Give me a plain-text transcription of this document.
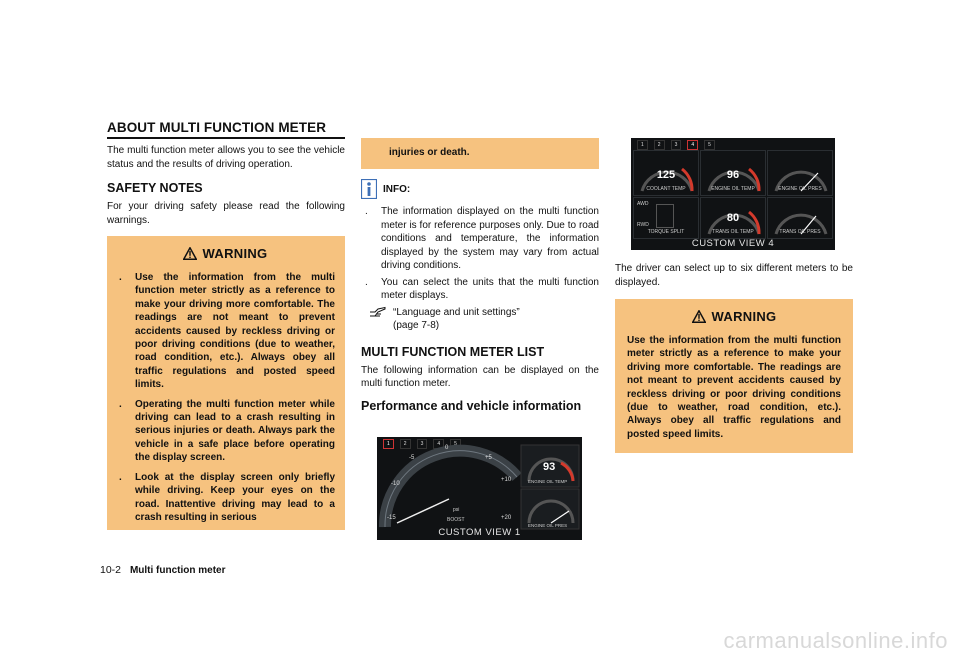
ABOUT MULTI FUNCTION METER

The multi function meter allows you to see the vehicle status and the results of driving operation.

SAFETY NOTES

For your driving safety please read the following warnings.

WARNING
. Use the information from the multi function meter strictly as a reference to make your driving more comfortable. The readings are not meant to prevent accidents caused by reckless driving or poor driving conditions (due to weather, road condition, etc.). Always obey all traffic regulations and posted speed limits.
. Operating the multi function meter while driving can lead to a crash resulting in serious injuries or death. Always park the vehicle in a safe place before operating the display screen.
. Look at the display screen only briefly while driving. Keep your eyes on the road. Inattentive driving may lead to a crash resulting in serious
injuries or death.
INFO:
. The information displayed on the multi function meter is for reference purposes only. Due to road conditions and temperature, the information displayed by the system may vary from actual driving conditions.
. You can select the units that the multi function meter displays.
“Language and unit settings”
(page 7-8)
MULTI FUNCTION METER LIST

The following information can be displayed on the multi function meter.

Performance and vehicle information
1	2	3	4	5
0
-5	+5
-10
+10
-15	+20
psi
BOOST
93
ENGINE OIL TEMP
ENGINE OIL PRES
CUSTOM VIEW 1
1	2	3	4	5
125
COOLANT TEMP
96
ENGINE OIL TEMP	ENGINE OIL PRES
AWD
RWD
TORQUE SPLIT
80
TRANS OIL TEMP	TRANS OIL PRES
CUSTOM VIEW 4

The driver can select up to six different meters to be displayed.

WARNING

Use the information from the multi function meter strictly as a reference to make your driving more comfortable. The readings are not meant to prevent accidents caused by reckless driving or poor driving conditions (due to weather, road condition, etc.). Always obey all traffic regulations and posted speed limits.

10-2 Multi function meter
carmanualsonline.info
